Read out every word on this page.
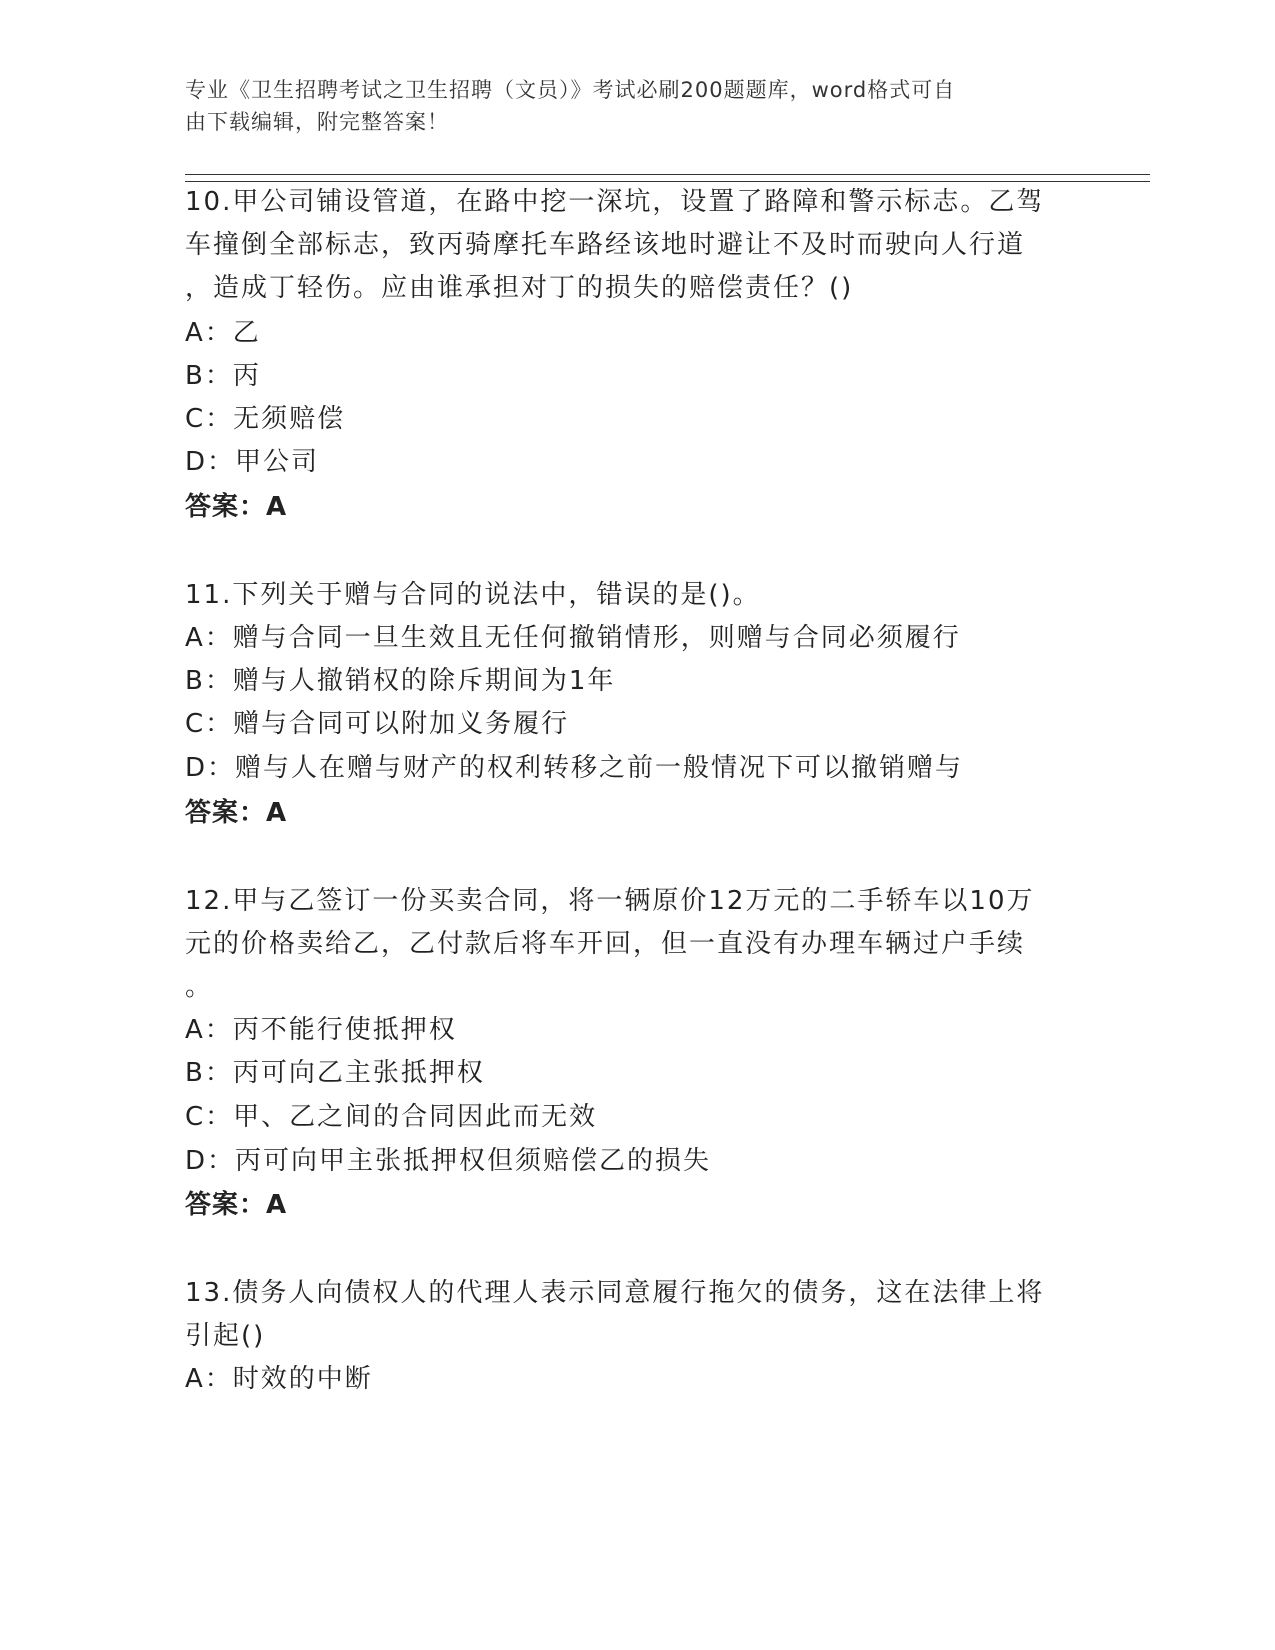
专业《卫生招聘考试之卫生招聘（文员）》考试必刷200题题库，word格式可自
由下载编辑，附完整答案！
10.甲公司铺设管道，在路中挖一深坑，设置了路障和警示标志。乙驾
车撞倒全部标志，致丙骑摩托车路经该地时避让不及时而驶向人行道
，造成丁轻伤。应由谁承担对丁的损失的赔偿责任？()
A：乙
B：丙
C：无须赔偿
D：甲公司
答案：A
11.下列关于赠与合同的说法中，错误的是()。
A：赠与合同一旦生效且无任何撤销情形，则赠与合同必须履行
B：赠与人撤销权的除斥期间为1年
C：赠与合同可以附加义务履行
D：赠与人在赠与财产的权利转移之前一般情况下可以撤销赠与
答案：A
12.甲与乙签订一份买卖合同，将一辆原价12万元的二手轿车以10万
元的价格卖给乙，乙付款后将车开回，但一直没有办理车辆过户手续
。
A：丙不能行使抵押权
B：丙可向乙主张抵押权
C：甲、乙之间的合同因此而无效
D：丙可向甲主张抵押权但须赔偿乙的损失
答案：A
13.债务人向债权人的代理人表示同意履行拖欠的债务，这在法律上将
引起()
A：时效的中断
